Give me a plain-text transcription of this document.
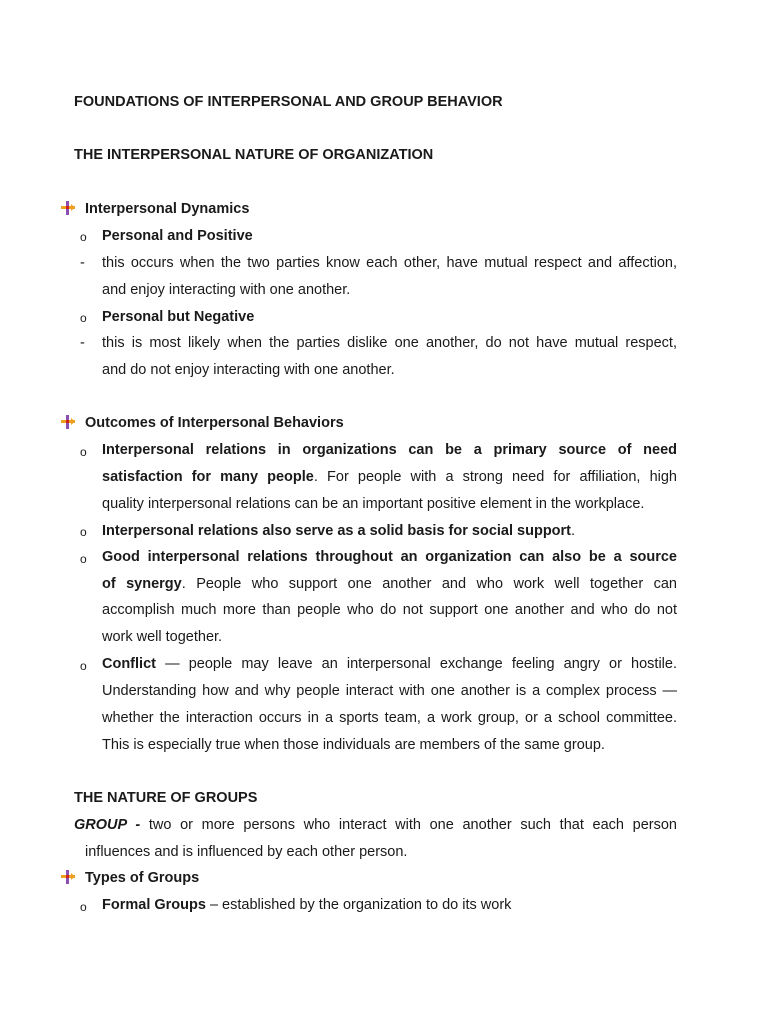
FOUNDATIONS OF INTERPERSONAL AND GROUP BEHAVIOR
THE INTERPERSONAL NATURE OF ORGANIZATION
Interpersonal Dynamics
o Personal and Positive
- this occurs when the two parties know each other, have mutual respect and affection,
and enjoy interacting with one another.
o Personal but Negative
- this is most likely when the parties dislike one another, do not have mutual respect,
and do not enjoy interacting with one another.
Outcomes of Interpersonal Behaviors
o Interpersonal relations in organizations can be a primary source of need
satisfaction for many people. For people with a strong need for affiliation, high
quality interpersonal relations can be an important positive element in the workplace.
o Interpersonal relations also serve as a solid basis for social support.
o Good interpersonal relations throughout an organization can also be a source
of synergy. People who support one another and who work well together can
accomplish much more than people who do not support one another and who do not
work well together.
o Conflict — people may leave an interpersonal exchange feeling angry or hostile.
Understanding how and why people interact with one another is a complex process —
whether the interaction occurs in a sports team, a work group, or a school committee.
This is especially true when those individuals are members of the same group.
THE NATURE OF GROUPS
GROUP - two or more persons who interact with one another such that each person
influences and is influenced by each other person.
Types of Groups
o Formal Groups – established by the organization to do its work
